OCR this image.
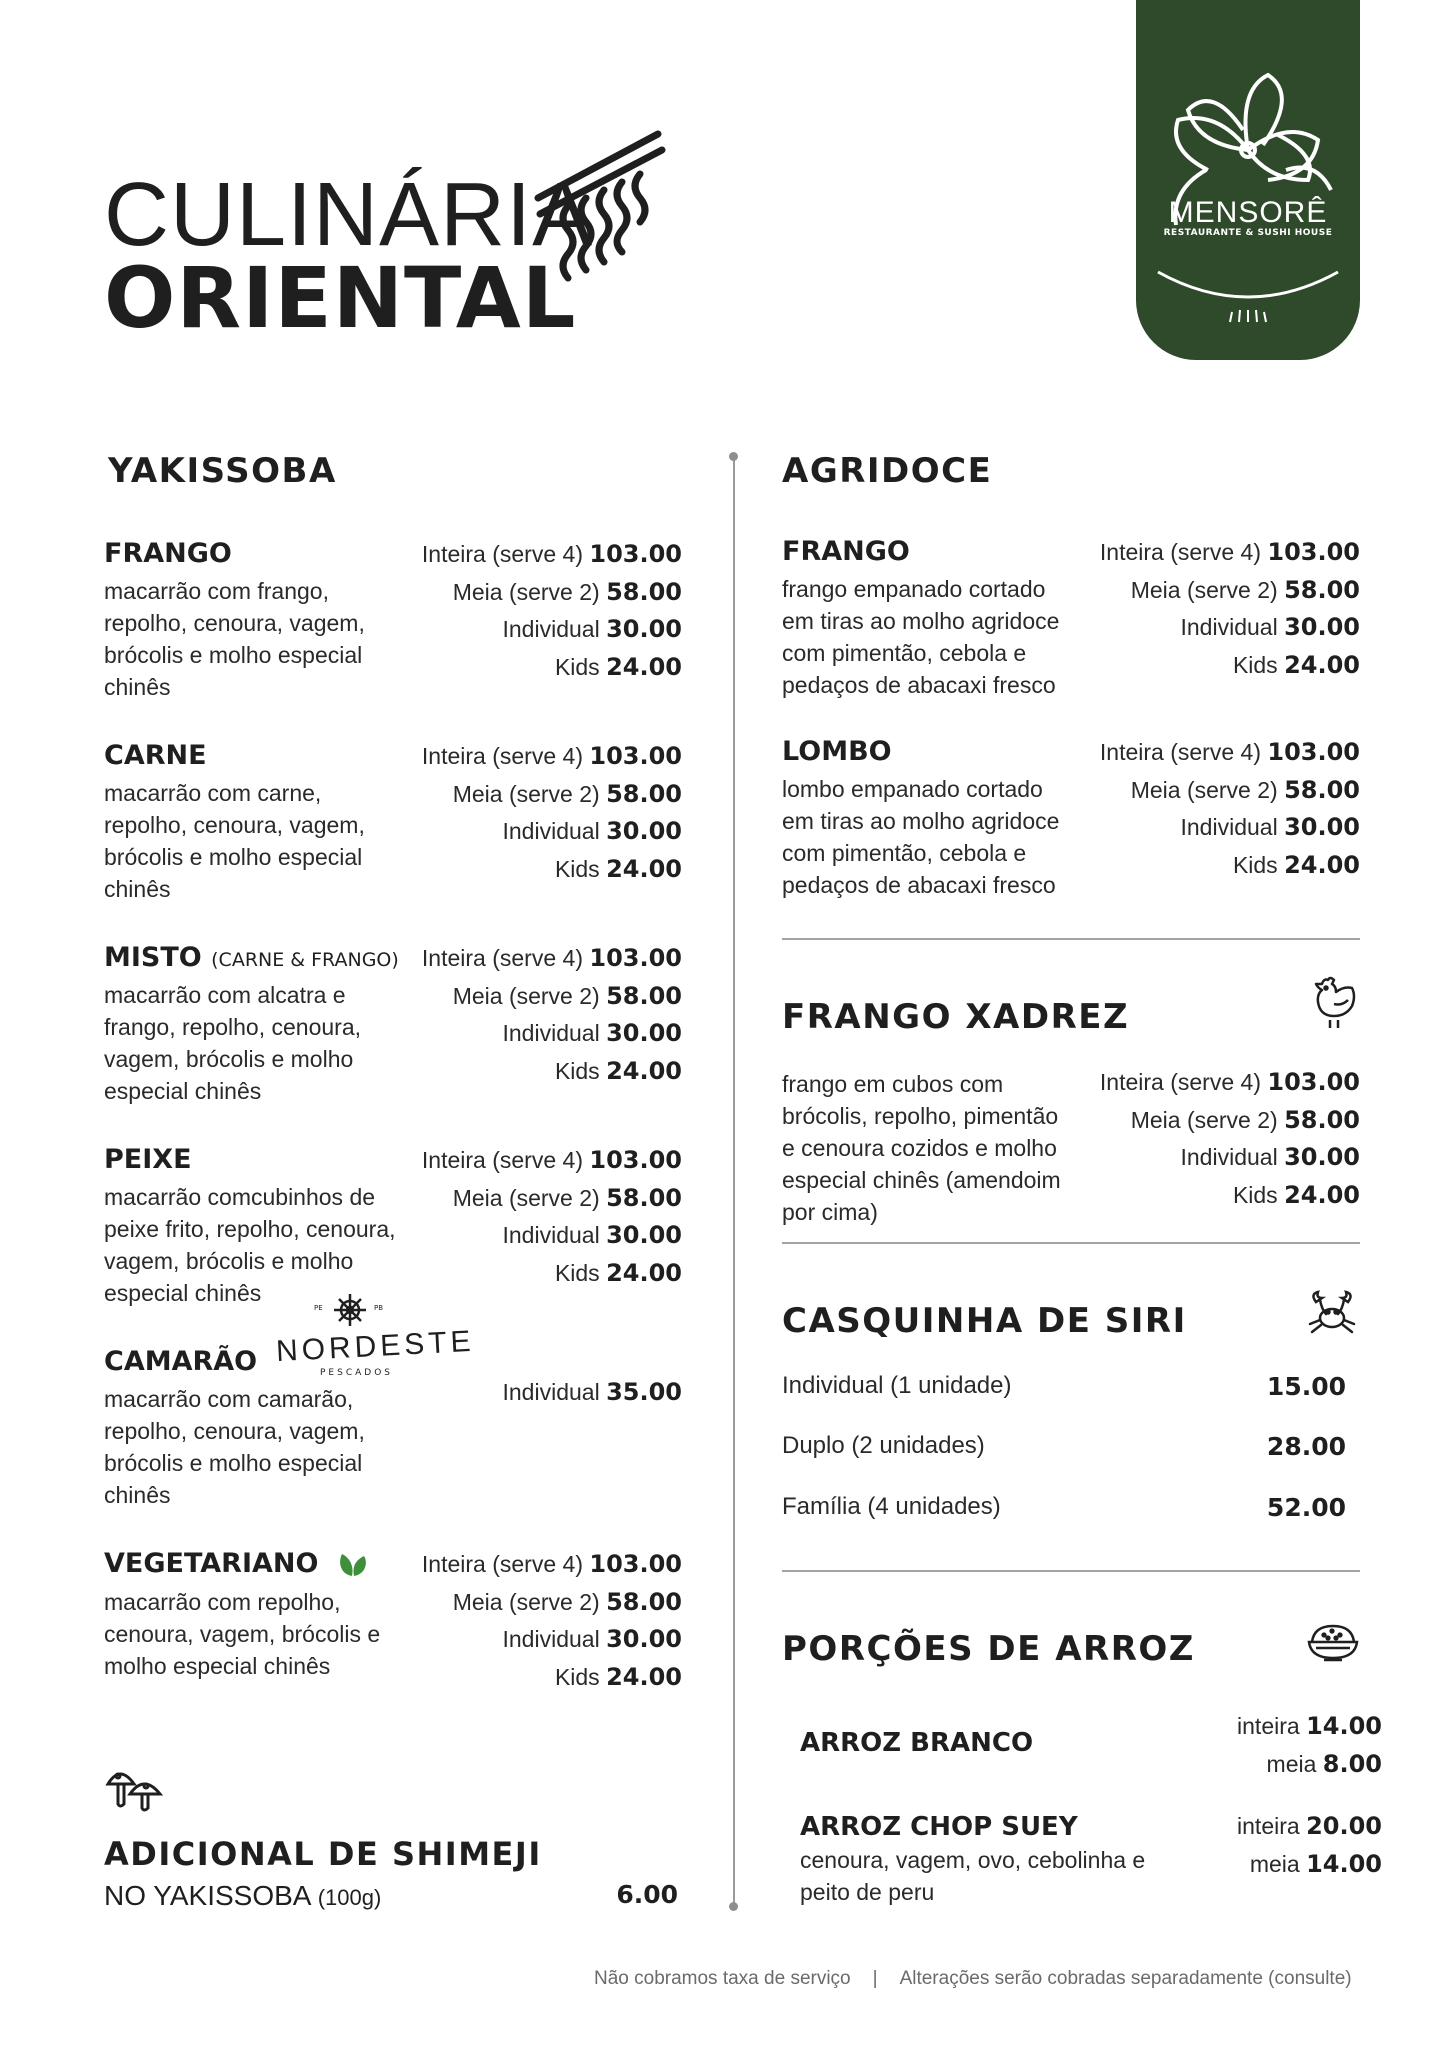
CULINÁRIA
ORIENTAL
MENSORÊ
RESTAURANTE & SUSHI HOUSE
YAKISSOBA
FRANGO
macarrão com frango, repolho, cenoura, vagem, brócolis e molho especial chinês
Inteira (serve 4) 103.00
Meia (serve 2) 58.00
Individual 30.00
Kids 24.00
CARNE
macarrão com carne, repolho, cenoura, vagem, brócolis e molho especial chinês
Inteira (serve 4) 103.00
Meia (serve 2) 58.00
Individual 30.00
Kids 24.00
MISTO (CARNE & FRANGO)
macarrão com alcatra e frango, repolho, cenoura, vagem, brócolis e molho especial chinês
Inteira (serve 4) 103.00
Meia (serve 2) 58.00
Individual 30.00
Kids 24.00
PEIXE
macarrão comcubinhos de peixe frito, repolho, cenoura, vagem, brócolis e molho especial chinês
Inteira (serve 4) 103.00
Meia (serve 2) 58.00
Individual 30.00
Kids 24.00
PE	PB
NORDESTE
PESCADOS
CAMARÃO
macarrão com camarão, repolho, cenoura, vagem, brócolis e molho especial chinês
Individual 35.00
VEGETARIANO
macarrão com repolho, cenoura, vagem, brócolis e molho especial chinês
Inteira (serve 4) 103.00
Meia (serve 2) 58.00
Individual 30.00
Kids 24.00
ADICIONAL DE SHIMEJI
NO YAKISSOBA (100g)	6.00
AGRIDOCE
FRANGO
frango empanado cortado em tiras ao molho agridoce com pimentão, cebola e pedaços de abacaxi fresco
Inteira (serve 4) 103.00
Meia (serve 2) 58.00
Individual 30.00
Kids 24.00
LOMBO
lombo empanado cortado em tiras ao molho agridoce com pimentão, cebola e pedaços de abacaxi fresco
Inteira (serve 4) 103.00
Meia (serve 2) 58.00
Individual 30.00
Kids 24.00
FRANGO XADREZ
frango em cubos com brócolis, repolho, pimentão e cenoura cozidos e molho especial chinês (amendoim por cima)
Inteira (serve 4) 103.00
Meia (serve 2) 58.00
Individual 30.00
Kids 24.00
CASQUINHA DE SIRI
Individual (1 unidade)	15.00
Duplo (2 unidades)	28.00
Família (4 unidades)	52.00
PORÇÕES DE ARROZ
ARROZ BRANCO
inteira 14.00
meia 8.00
ARROZ CHOP SUEY
cenoura, vagem, ovo, cebolinha e peito de peru
inteira 20.00
meia 14.00
Não cobramos taxa de serviço | Alterações serão cobradas separadamente (consulte)
